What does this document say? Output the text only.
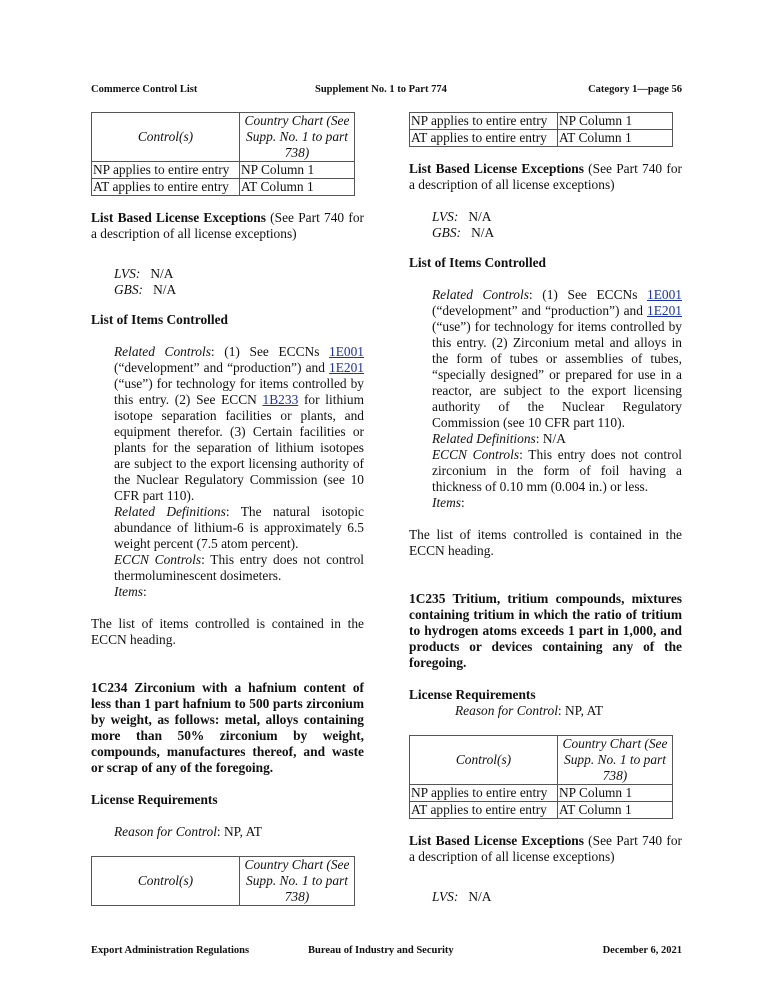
Commerce Control List	Supplement No. 1 to Part 774	Category 1—page 56
Control(s)	Country Chart (See Supp. No. 1 to part 738)
NP applies to entire entry	NP Column 1
AT applies to entire entry	AT Column 1

List Based License Exceptions (See Part 740 for a description of all license exceptions)

LVS: N/A

GBS: N/A

List of Items Controlled

Related Controls: (1) See ECCNs 1E001 (“development” and “production”) and 1E201 (“use”) for technology for items controlled by this entry. (2) See ECCN 1B233 for lithium isotope separation facilities or plants, and equipment therefor. (3) Certain facilities or plants for the separation of lithium isotopes are subject to the export licensing authority of the Nuclear Regulatory Commission (see 10 CFR part 110).

Related Definitions: The natural isotopic abundance of lithium-6 is approximately 6.5 weight percent (7.5 atom percent).

ECCN Controls: This entry does not control thermoluminescent dosimeters.

Items:

The list of items controlled is contained in the ECCN heading.

1C234 Zirconium with a hafnium content of less than 1 part hafnium to 500 parts zirconium by weight, as follows: metal, alloys containing more than 50% zirconium by weight, compounds, manufactures thereof, and waste or scrap of any of the foregoing.

License Requirements

Reason for Control: NP, AT

Control(s)	Country Chart (See Supp. No. 1 to part 738)
NP applies to entire entry	NP Column 1
AT applies to entire entry	AT Column 1

List Based License Exceptions (See Part 740 for a description of all license exceptions)

LVS: N/A

GBS: N/A

List of Items Controlled

Related Controls: (1) See ECCNs 1E001 (“development” and “production”) and 1E201 (“use”) for technology for items controlled by this entry. (2) Zirconium metal and alloys in the form of tubes or assemblies of tubes, “specially designed” or prepared for use in a reactor, are subject to the export licensing authority of the Nuclear Regulatory Commission (see 10 CFR part 110).

Related Definitions: N/A

ECCN Controls: This entry does not control zirconium in the form of foil having a thickness of 0.10 mm (0.004 in.) or less.

Items:

The list of items controlled is contained in the ECCN heading.

1C235 Tritium, tritium compounds, mixtures containing tritium in which the ratio of tritium to hydrogen atoms exceeds 1 part in 1,000, and products or devices containing any of the foregoing.

License Requirements

Reason for Control: NP, AT

Control(s)	Country Chart (See Supp. No. 1 to part 738)
NP applies to entire entry	NP Column 1
AT applies to entire entry	AT Column 1

List Based License Exceptions (See Part 740 for a description of all license exceptions)

LVS: N/A

Export Administration Regulations	Bureau of Industry and Security	December 6, 2021
